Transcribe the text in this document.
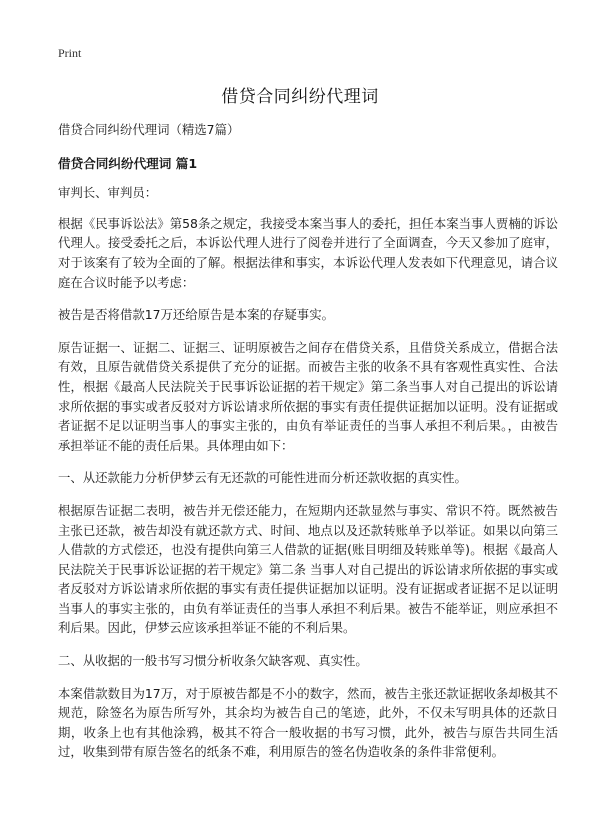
Print
借贷合同纠纷代理词

借贷合同纠纷代理词（精选7篇）

借贷合同纠纷代理词 篇1

审判长、审判员：

根据《民事诉讼法》第58条之规定，我接受本案当事人的委托，担任本案当事人贾楠的诉讼代理人。接受委托之后，本诉讼代理人进行了阅卷并进行了全面调查，今天又参加了庭审，对于该案有了较为全面的了解。根据法律和事实，本诉讼代理人发表如下代理意见，请合议庭在合议时能予以考虑：

被告是否将借款17万还给原告是本案的存疑事实。

原告证据一、证据二、证据三、证明原被告之间存在借贷关系，且借贷关系成立，借据合法有效，且原告就借贷关系提供了充分的证据。而被告主张的收条不具有客观性真实性、合法性，根据《最高人民法院关于民事诉讼证据的若干规定》第二条当事人对自己提出的诉讼请求所依据的事实或者反驳对方诉讼请求所依据的事实有责任提供证据加以证明。没有证据或者证据不足以证明当事人的事实主张的，由负有举证责任的当事人承担不利后果。，由被告承担举证不能的责任后果。具体理由如下：

一、从还款能力分析伊梦云有无还款的可能性进而分析还款收据的真实性。

根据原告证据二表明，被告并无偿还能力，在短期内还款显然与事实、常识不符。既然被告主张已还款，被告却没有就还款方式、时间、地点以及还款转账单予以举证。如果以向第三人借款的方式偿还，也没有提供向第三人借款的证据(账目明细及转账单等)。根据《最高人民法院关于民事诉讼证据的若干规定》第二条 当事人对自己提出的诉讼请求所依据的事实或者反驳对方诉讼请求所依据的事实有责任提供证据加以证明。没有证据或者证据不足以证明当事人的事实主张的，由负有举证责任的当事人承担不利后果。被告不能举证，则应承担不利后果。因此，伊梦云应该承担举证不能的不利后果。

二、从收据的一般书写习惯分析收条欠缺客观、真实性。

本案借款数目为17万，对于原被告都是不小的数字，然而，被告主张还款证据收条却极其不规范，除签名为原告所写外，其余均为被告自己的笔迹，此外，不仅未写明具体的还款日期，收条上也有其他涂鸦，极其不符合一般收据的书写习惯，此外，被告与原告共同生活过，收集到带有原告签名的纸条不难，利用原告的签名伪造收条的条件非常便利。
